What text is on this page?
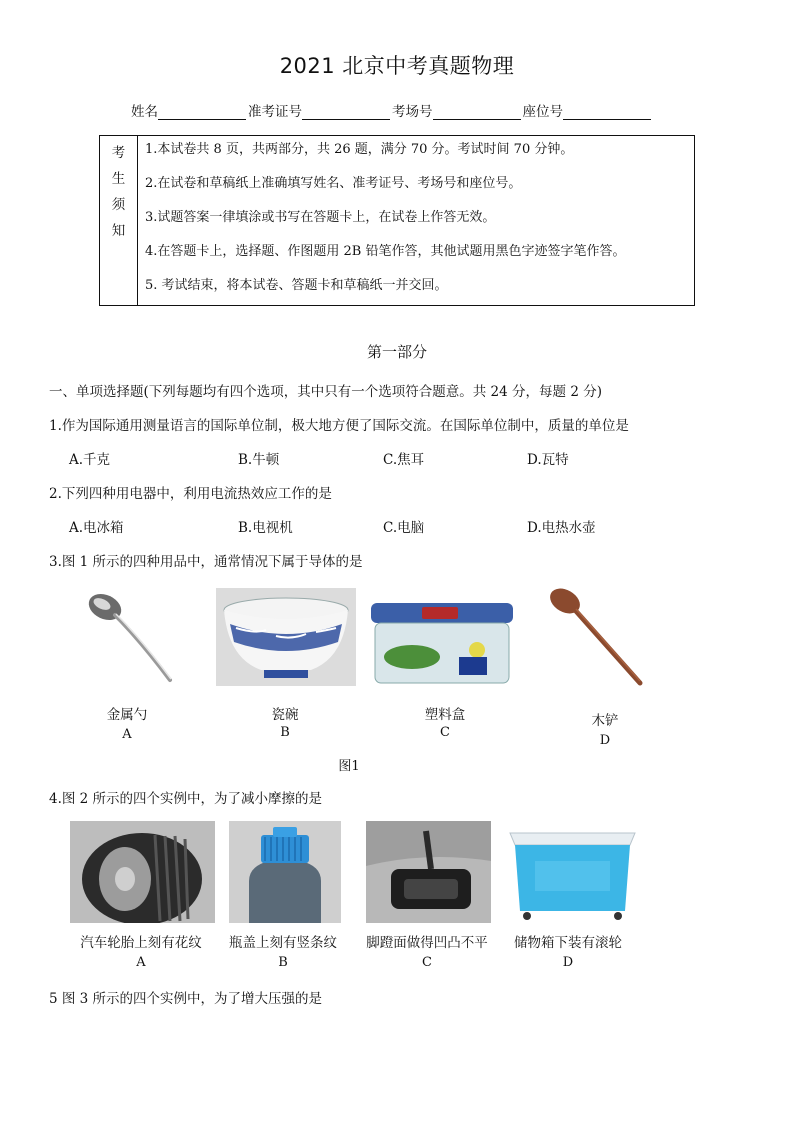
2021 北京中考真题物理
姓名	准考证号	考场号	座位号
考
生
须
知
1.本试卷共 8 页，共两部分，共 26 题，满分 70 分。考试时间 70 分钟。
2.在试卷和草稿纸上准确填写姓名、准考证号、考场号和座位号。
3.试题答案一律填涂或书写在答题卡上，在试卷上作答无效。
4.在答题卡上，选择题、作图题用 2B 铅笔作答，其他试题用黑色字迹签字笔作答。
5. 考试结束，将本试卷、答题卡和草稿纸一并交回。
第一部分
一、单项选择题(下列每题均有四个选项，其中只有一个选项符合题意。共 24 分，每题 2 分)
1.作为国际通用测量语言的国际单位制，极大地方便了国际交流。在国际单位制中，质量的单位是
A.千克	B.牛顿	C.焦耳	D.瓦特
2.下列四种用电器中，利用电流热效应工作的是
A.电冰箱	B.电视机	C.电脑	D.电热水壶
3.图 1 所示的四种用品中，通常情况下属于导体的是
金属勺	瓷碗	塑料盒	木铲
A	B	C
D
图1
4.图 2 所示的四个实例中，为了减小摩擦的是
汽车轮胎上刻有花纹	瓶盖上刻有竖条纹	脚蹬面做得凹凸不平	储物箱下装有滚轮
A	B	C	D
5 图 3 所示的四个实例中，为了增大压强的是
